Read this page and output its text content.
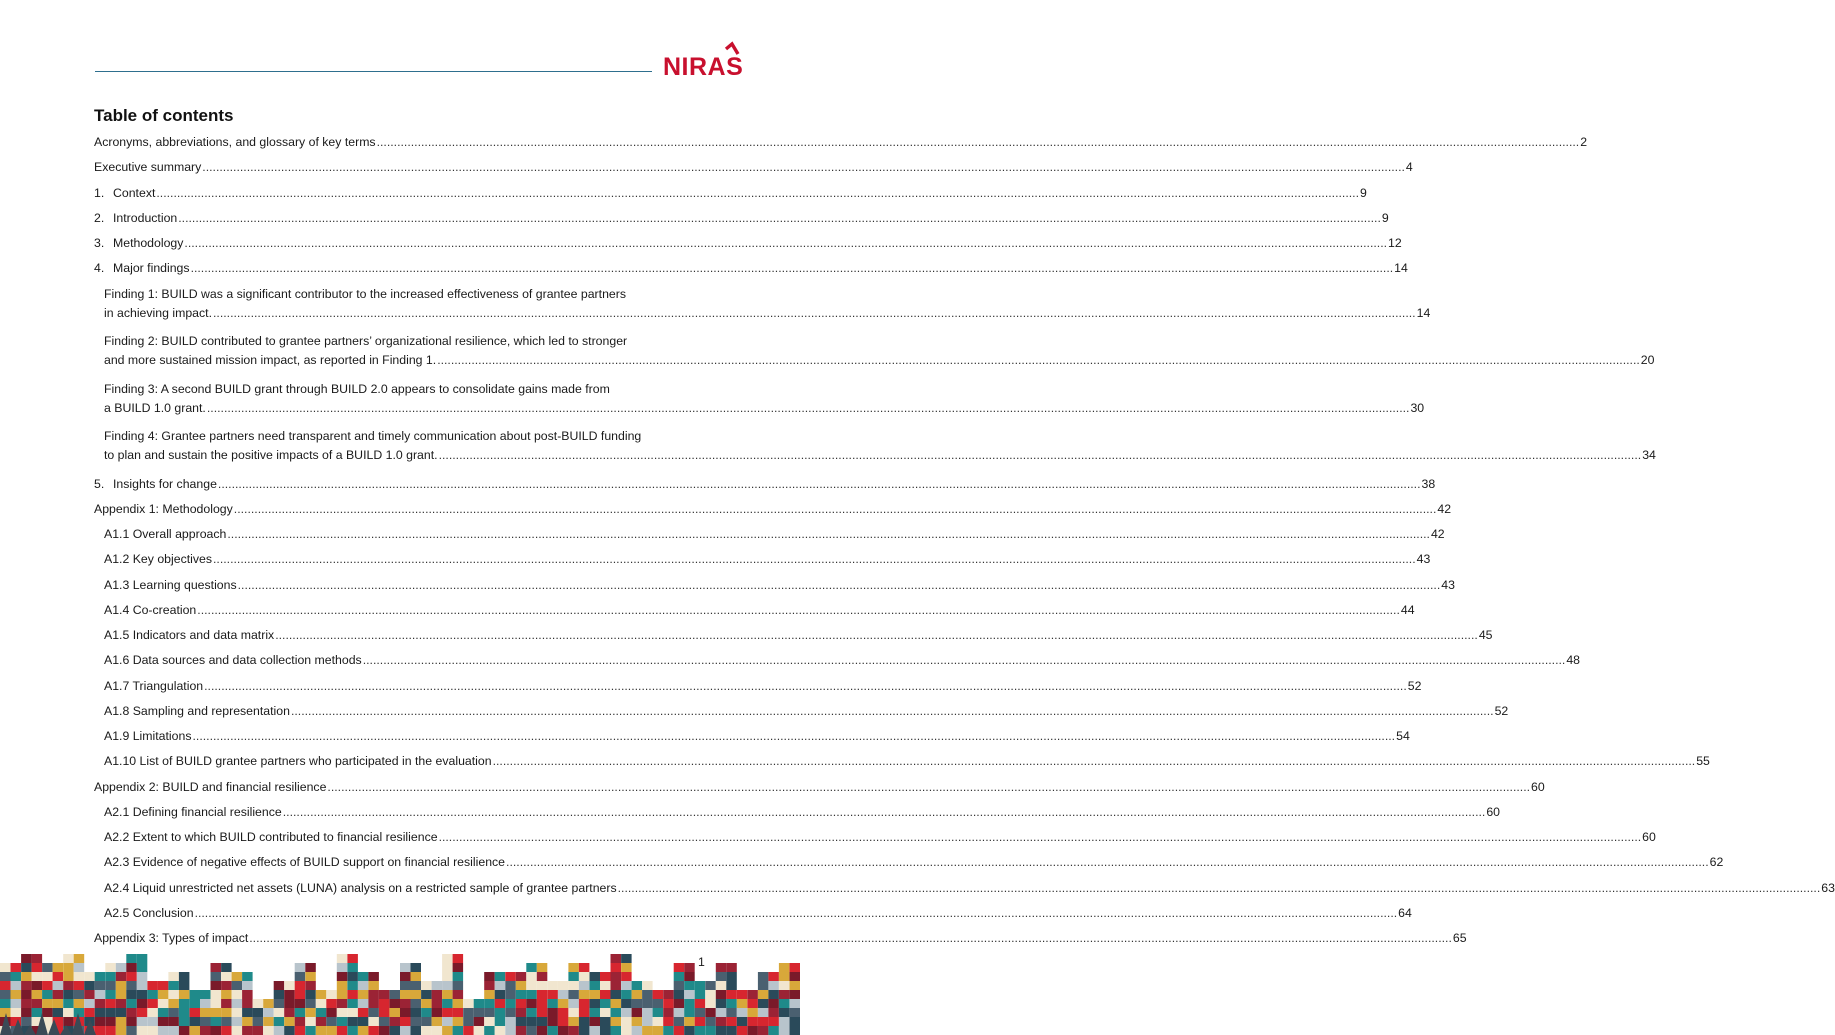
NIRAS
Table of contents
Acronyms, abbreviations, and glossary of key terms ................................................................................................................................................................................................................................................................................................................................................................ 2
Executive summary ................................................................................................................................................................................................................................................................................................................................................................ 4
1. Context ................................................................................................................................................................................................................................................................................................................................................................ 9
2. Introduction ................................................................................................................................................................................................................................................................................................................................................................ 9
3. Methodology ................................................................................................................................................................................................................................................................................................................................................................ 12
4. Major findings ................................................................................................................................................................................................................................................................................................................................................................ 14
Finding 1: BUILD was a significant contributor to the increased effectiveness of grantee partners
in achieving impact. ................................................................................................................................................................................................................................................................................................................................................................ 14
Finding 2: BUILD contributed to grantee partners’ organizational resilience, which led to stronger
and more sustained mission impact, as reported in Finding 1. ................................................................................................................................................................................................................................................................................................................................................................ 20
Finding 3: A second BUILD grant through BUILD 2.0 appears to consolidate gains made from
a BUILD 1.0 grant. ................................................................................................................................................................................................................................................................................................................................................................ 30
Finding 4: Grantee partners need transparent and timely communication about post-BUILD funding
to plan and sustain the positive impacts of a BUILD 1.0 grant. ................................................................................................................................................................................................................................................................................................................................................................ 34
5. Insights for change ................................................................................................................................................................................................................................................................................................................................................................ 38
Appendix 1: Methodology ................................................................................................................................................................................................................................................................................................................................................................ 42
A1.1 Overall approach ................................................................................................................................................................................................................................................................................................................................................................ 42
A1.2 Key objectives ................................................................................................................................................................................................................................................................................................................................................................ 43
A1.3 Learning questions ................................................................................................................................................................................................................................................................................................................................................................ 43
A1.4 Co-creation ................................................................................................................................................................................................................................................................................................................................................................ 44
A1.5 Indicators and data matrix ................................................................................................................................................................................................................................................................................................................................................................ 45
A1.6 Data sources and data collection methods ................................................................................................................................................................................................................................................................................................................................................................ 48
A1.7 Triangulation ................................................................................................................................................................................................................................................................................................................................................................ 52
A1.8 Sampling and representation ................................................................................................................................................................................................................................................................................................................................................................ 52
A1.9 Limitations ................................................................................................................................................................................................................................................................................................................................................................ 54
A1.10 List of BUILD grantee partners who participated in the evaluation ................................................................................................................................................................................................................................................................................................................................................................ 55
Appendix 2: BUILD and financial resilience ................................................................................................................................................................................................................................................................................................................................................................ 60
A2.1 Defining financial resilience ................................................................................................................................................................................................................................................................................................................................................................ 60
A2.2 Extent to which BUILD contributed to financial resilience ................................................................................................................................................................................................................................................................................................................................................................ 60
A2.3 Evidence of negative effects of BUILD support on financial resilience ................................................................................................................................................................................................................................................................................................................................................................ 62
A2.4 Liquid unrestricted net assets (LUNA) analysis on a restricted sample of grantee partners ................................................................................................................................................................................................................................................................................................................................................................ 63
A2.5 Conclusion ................................................................................................................................................................................................................................................................................................................................................................ 64
Appendix 3: Types of impact ................................................................................................................................................................................................................................................................................................................................................................ 65
1
